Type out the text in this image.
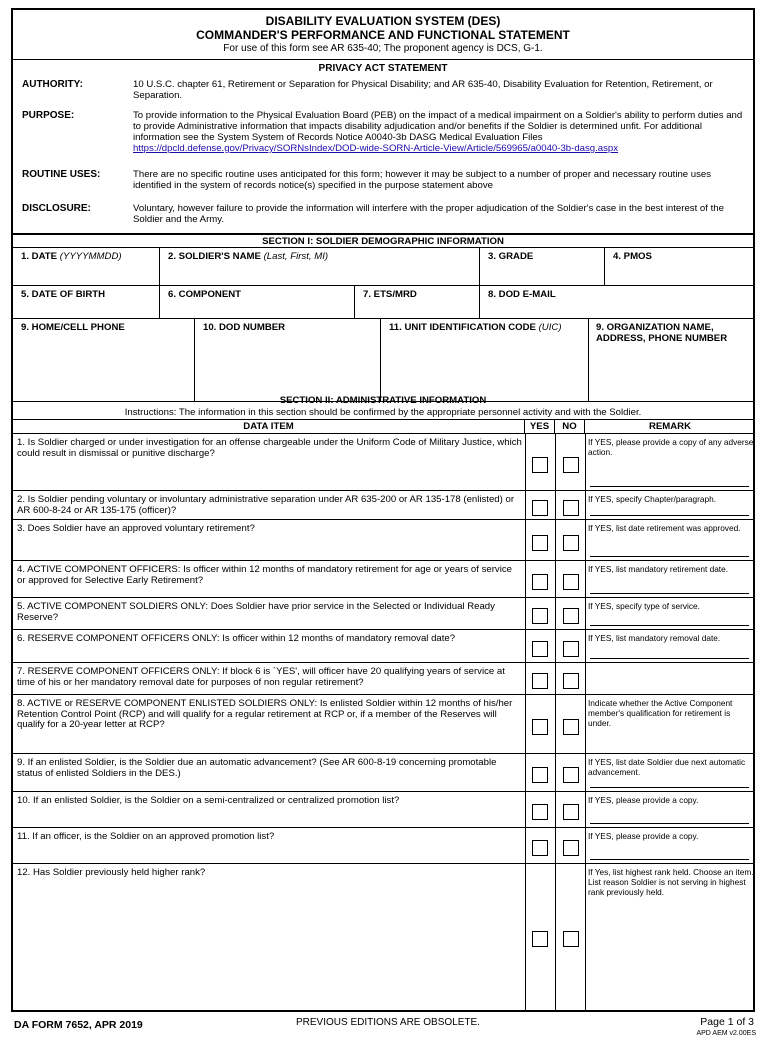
DISABILITY EVALUATION SYSTEM (DES)
COMMANDER'S PERFORMANCE AND FUNCTIONAL STATEMENT
For use of this form see AR 635-40; The proponent agency is DCS, G-1.
PRIVACY ACT STATEMENT
AUTHORITY:	10 U.S.C. chapter 61, Retirement or Separation for Physical Disability; and AR 635-40, Disability Evaluation for Retention, Retirement, or Separation.
PURPOSE:	To provide information to the Physical Evaluation Board (PEB) on the impact of a medical impairment on a Soldier's ability to perform duties and to provide Administrative information that impacts disability adjudication and/or benefits if the Soldier is determined unfit. For additional information see the System System of Records Notice A0040-3b DASG Medical Evaluation Files
https://dpcld.defense.gov/Privacy/SORNsIndex/DOD-wide-SORN-Article-View/Article/569965/a0040-3b-dasg.aspx
ROUTINE USES:	There are no specific routine uses anticipated for this form; however it may be subject to a number of proper and necessary routine uses identified in the system of records notice(s) specified in the purpose statement above
DISCLOSURE:	Voluntary, however failure to provide the information will interfere with the proper adjudication of the Soldier's case in the best interest of the Soldier and the Army.
SECTION I: SOLDIER DEMOGRAPHIC INFORMATION
1. DATE (YYYYMMDD)	2. SOLDIER'S NAME (Last, First, MI)	3. GRADE	4. PMOS
5. DATE OF BIRTH	6. COMPONENT	7. ETS/MRD	8. DOD E-MAIL
9. HOME/CELL PHONE	10. DOD NUMBER	11. UNIT IDENTIFICATION CODE (UIC)	9. ORGANIZATION NAME, ADDRESS, PHONE NUMBER
SECTION II: ADMINISTRATIVE INFORMATION
Instructions: The information in this section should be confirmed by the appropriate personnel activity and with the Soldier.
DATA ITEM	YES	NO	REMARK
1. Is Soldier charged or under investigation for an offense chargeable under the Uniform Code of Military Justice, which could result in dismissal or punitive discharge?
If YES, please provide a copy of any adverse action.
2. Is Soldier pending voluntary or involuntary administrative separation under AR 635-200 or AR 135-178 (enlisted) or AR 600-8-24 or AR 135-175 (officer)?
If YES, specify Chapter/paragraph.
3. Does Soldier have an approved voluntary retirement?	If YES, list date retirement was approved.
4. ACTIVE COMPONENT OFFICERS: Is officer within 12 months of mandatory retirement for age or years of service or approved for Selective Early Retirement?
If YES, list mandatory retirement date.
5. ACTIVE COMPONENT SOLDIERS ONLY: Does Soldier have prior service in the Selected or Individual Ready Reserve?
If YES, specify type of service.
6. RESERVE COMPONENT OFFICERS ONLY: Is officer within 12 months of mandatory removal date?	If YES, list mandatory removal date.
7. RESERVE COMPONENT OFFICERS ONLY: If block 6 is `YES', will officer have 20 qualifying years of service at time of his or her mandatory removal date for purposes of non regular retirement?
8. ACTIVE or RESERVE COMPONENT ENLISTED SOLDIERS ONLY: Is enlisted Soldier within 12 months of his/her Retention Control Point (RCP) and will qualify for a regular retirement at RCP or, if a member of the Reserves will qualify for a 20-year letter at RCP?
Indicate whether the Active Component member's qualification for retirement is under.
9. If an enlisted Soldier, is the Soldier due an automatic advancement? (See AR 600-8-19 concerning promotable status of enlisted Soldiers in the DES.)
If YES, list date Soldier due next automatic advancement.
10. If an enlisted Soldier, is the Soldier on a semi-centralized or centralized promotion list?	If YES, please provide a copy.
11. If an officer, is the Soldier on an approved promotion list?	If YES, please provide a copy.
12. Has Soldier previously held higher rank?	If Yes, list highest rank held. Choose an item.
List reason Soldier is not serving in highest rank previously held.
DA FORM 7652, APR 2019	PREVIOUS EDITIONS ARE OBSOLETE.	Page 1 of 3
APD AEM v2.00ES
